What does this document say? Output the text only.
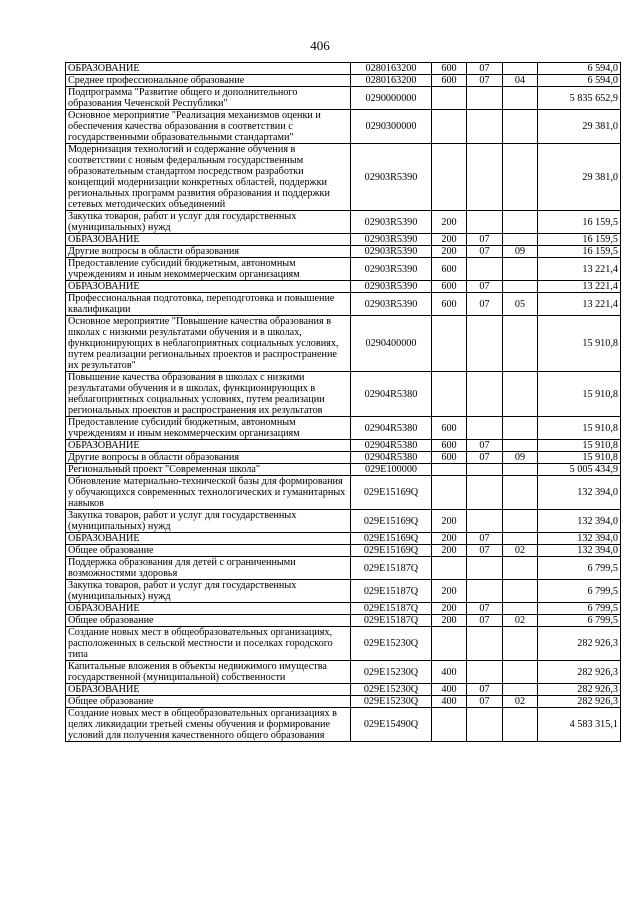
406
ОБРАЗОВАНИЕ	0280163200	600	07		6 594,0
Среднее профессиональное образование	0280163200	600	07	04	6 594,0
Подпрограмма "Развитие общего и дополнительного образования Чеченской Республики"	0290000000				5 835 652,9
Основное мероприятие "Реализация механизмов оценки и обеспечения качества образования в соответствии с государственными образовательными стандартами"	0290300000				29 381,0
Модернизация технологий и содержание обучения в соответствии с новым федеральным государственным образовательным стандартом посредством разработки концепций модернизации конкретных областей, поддержки региональных программ развития образования и поддержки сетевых методических объединений	02903R5390				29 381,0
Закупка товаров, работ и услуг для государственных (муниципальных) нужд	02903R5390	200			16 159,5
ОБРАЗОВАНИЕ	02903R5390	200	07		16 159,5
Другие вопросы в области образования	02903R5390	200	07	09	16 159,5
Предоставление субсидий бюджетным, автономным учреждениям и иным некоммерческим организациям	02903R5390	600			13 221,4
ОБРАЗОВАНИЕ	02903R5390	600	07		13 221,4
Профессиональная подготовка, переподготовка и повышение квалификации	02903R5390	600	07	05	13 221,4
Основное мероприятие "Повышение качества образования в школах с низкими результатами обучения и в школах, функционирующих в неблагоприятных социальных условиях, путем реализации региональных проектов и распространение их результатов"	0290400000				15 910,8
Повышение качества образования в школах с низкими результатами обучения и в школах, функционирующих в неблагоприятных социальных условиях, путем реализации региональных проектов и распространения их результатов	02904R5380				15 910,8
Предоставление субсидий бюджетным, автономным учреждениям и иным некоммерческим организациям	02904R5380	600			15 910,8
ОБРАЗОВАНИЕ	02904R5380	600	07		15 910,8
Другие вопросы в области образования	02904R5380	600	07	09	15 910,8
Региональный проект "Современная школа"	029E100000				5 005 434,9
Обновление материально-технической базы для формирования у обучающихся современных технологических и гуманитарных навыков	029E15169Q				132 394,0
Закупка товаров, работ и услуг для государственных (муниципальных) нужд	029E15169Q	200			132 394,0
ОБРАЗОВАНИЕ	029E15169Q	200	07		132 394,0
Общее образование	029E15169Q	200	07	02	132 394,0
Поддержка образования для детей с ограниченными возможностями здоровья	029E15187Q				6 799,5
Закупка товаров, работ и услуг для государственных (муниципальных) нужд	029E15187Q	200			6 799,5
ОБРАЗОВАНИЕ	029E15187Q	200	07		6 799,5
Общее образование	029E15187Q	200	07	02	6 799,5
Создание новых мест в общеобразовательных организациях, расположенных в сельской местности и поселках городского типа	029E15230Q				282 926,3
Капитальные вложения в объекты недвижимого имущества государственной (муниципальной) собственности	029E15230Q	400			282 926,3
ОБРАЗОВАНИЕ	029E15230Q	400	07		282 926,3
Общее образование	029E15230Q	400	07	02	282 926,3
Создание новых мест в общеобразовательных организациях в целях ликвидации третьей смены обучения и формирование условий для получения качественного общего образования	029E15490Q				4 583 315,1
